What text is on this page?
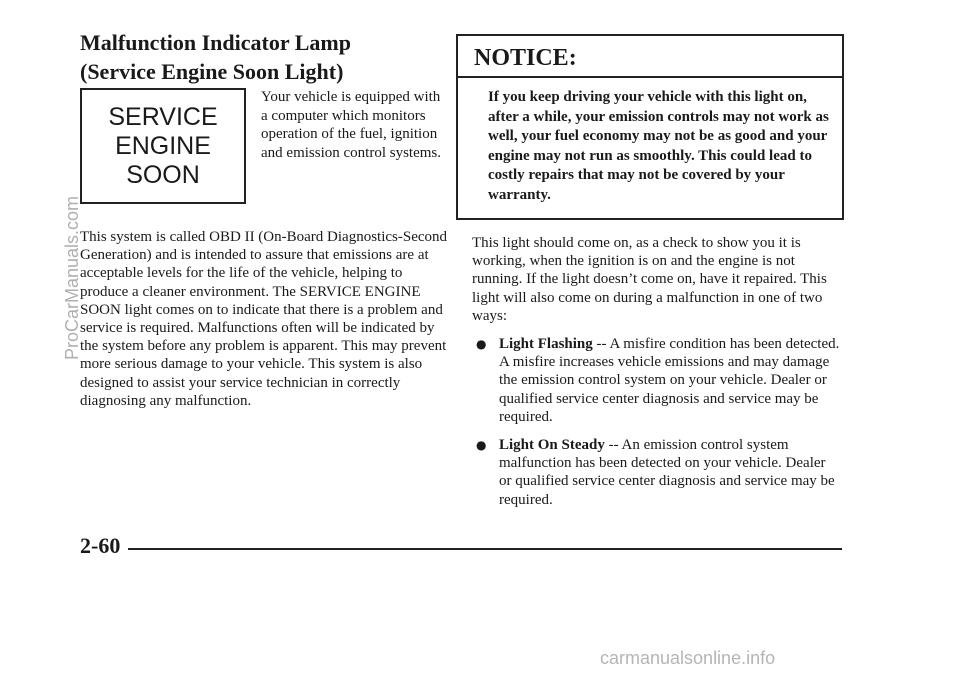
Malfunction Indicator Lamp
(Service Engine Soon Light)
SERVICE
ENGINE
SOON

Your vehicle is equipped with a computer which monitors operation of the fuel, ignition and emission control systems.

This system is called OBD II (On-Board Diagnostics-Second Generation) and is intended to assure that emissions are at acceptable levels for the life of the vehicle, helping to produce a cleaner environment. The SERVICE ENGINE SOON light comes on to indicate that there is a problem and service is required. Malfunctions often will be indicated by the system before any problem is apparent. This may prevent more serious damage to your vehicle. This system is also designed to assist your service technician in correctly diagnosing any malfunction.

NOTICE:

If you keep driving your vehicle with this light on, after a while, your emission controls may not work as well, your fuel economy may not be as good and your engine may not run as smoothly. This could lead to costly repairs that may not be covered by your warranty.

This light should come on, as a check to show you it is working, when the ignition is on and the engine is not running. If the light doesn’t come on, have it repaired. This light will also come on during a malfunction in one of two ways:

● Light Flashing -- A misfire condition has been detected. A misfire increases vehicle emissions and may damage the emission control system on your vehicle. Dealer or qualified service center diagnosis and service may be required.
● Light On Steady -- An emission control system malfunction has been detected on your vehicle. Dealer or qualified service center diagnosis and service may be required.
2-60
ProCarManuals.com
carmanualsonline.info
